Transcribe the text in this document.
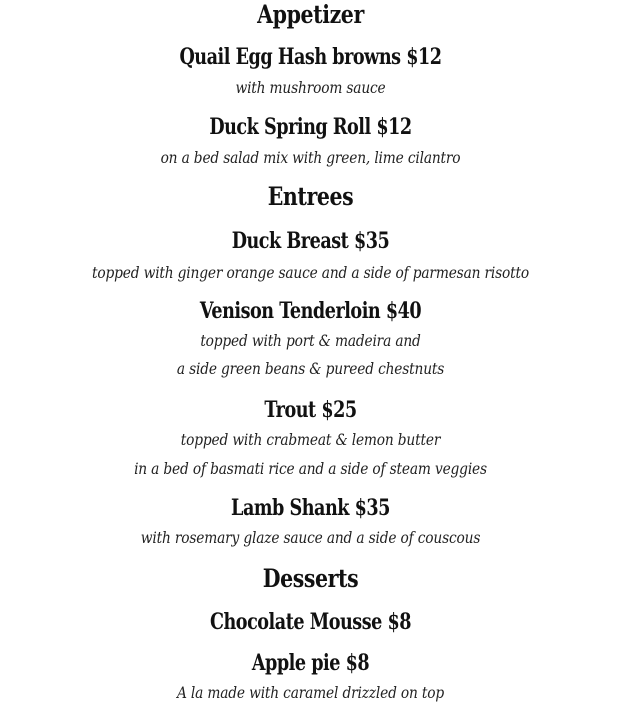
Appetizer
Quail Egg Hash browns $12
with mushroom sauce
Duck Spring Roll $12
on a bed salad mix with green, lime cilantro
Entrees
Duck Breast $35
topped with ginger orange sauce and a side of parmesan risotto
Venison Tenderloin $40
topped with port & madeira and
a side green beans & pureed chestnuts
Trout $25
topped with crabmeat & lemon butter
in a bed of basmati rice and a side of steam veggies
Lamb Shank $35
with rosemary glaze sauce and a side of couscous
Desserts
Chocolate Mousse $8
Apple pie $8
A la made with caramel drizzled on top
